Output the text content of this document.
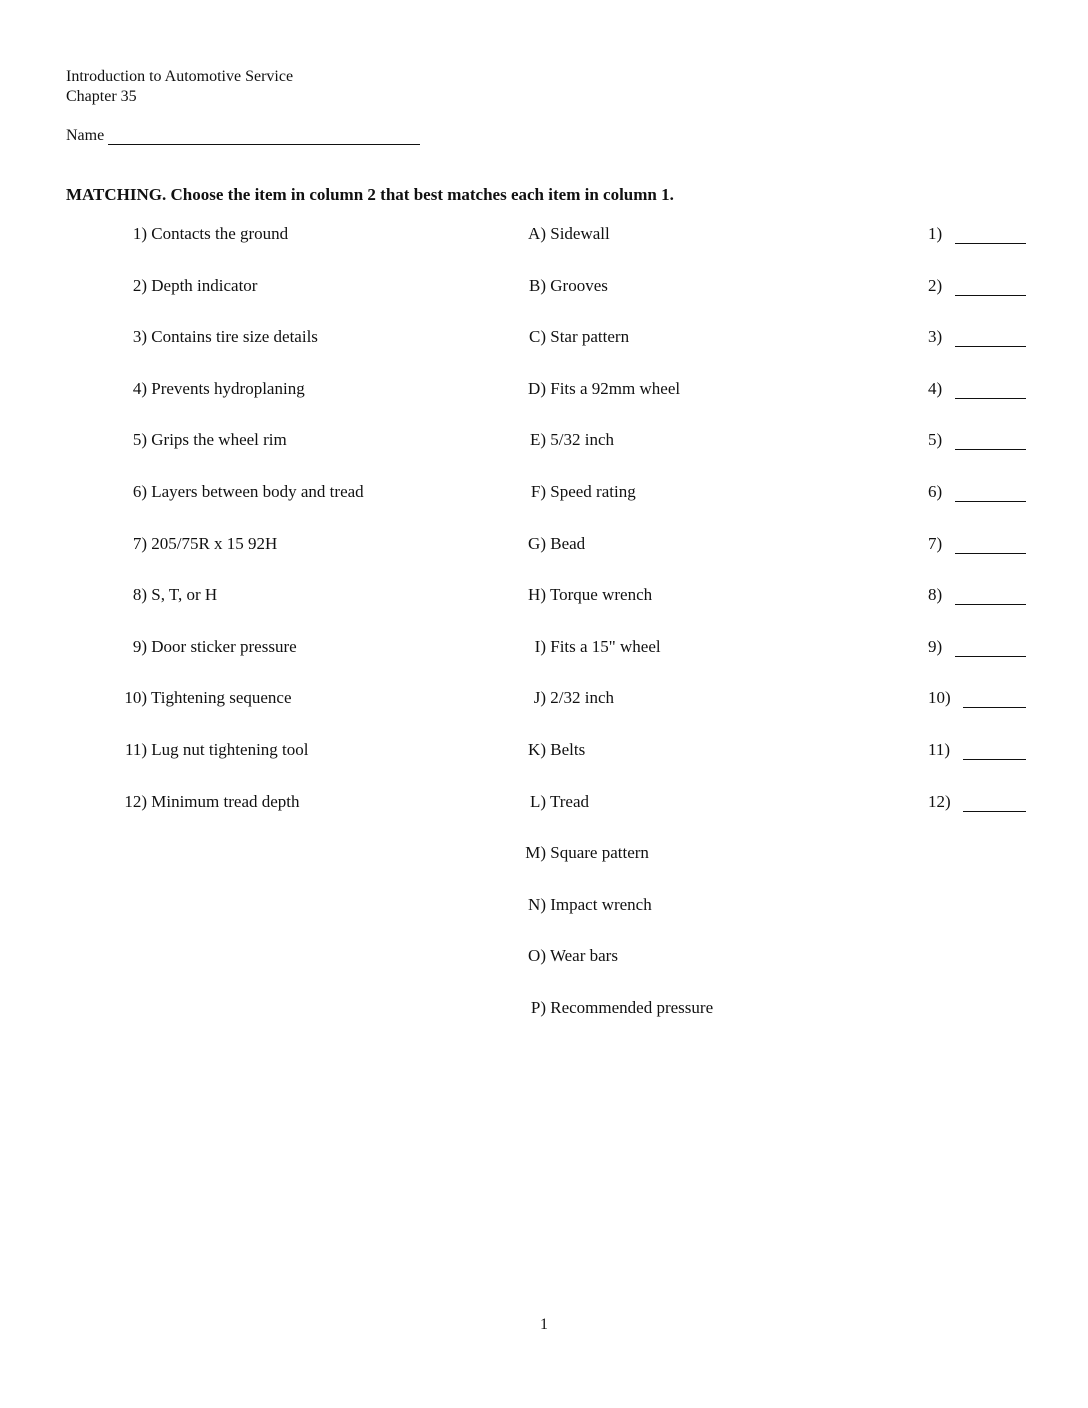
Introduction to Automotive Service
Chapter 35
Name
MATCHING. Choose the item in column 2 that best matches each item in column 1.
1) Contacts the ground
2) Depth indicator
3) Contains tire size details
4) Prevents hydroplaning
5) Grips the wheel rim
6) Layers between body and tread
7) 205/75R x 15 92H
8) S, T, or H
9) Door sticker pressure
10) Tightening sequence
11) Lug nut tightening tool
12) Minimum tread depth
A) Sidewall
B) Grooves
C) Star pattern
D) Fits a 92mm wheel
E) 5/32 inch
F) Speed rating
G) Bead
H) Torque wrench
I) Fits a 15" wheel
J) 2/32 inch
K) Belts
L) Tread
M) Square pattern
N) Impact wrench
O) Wear bars
P) Recommended pressure
1)
2)
3)
4)
5)
6)
7)
8)
9)
10)
11)
12)
1
